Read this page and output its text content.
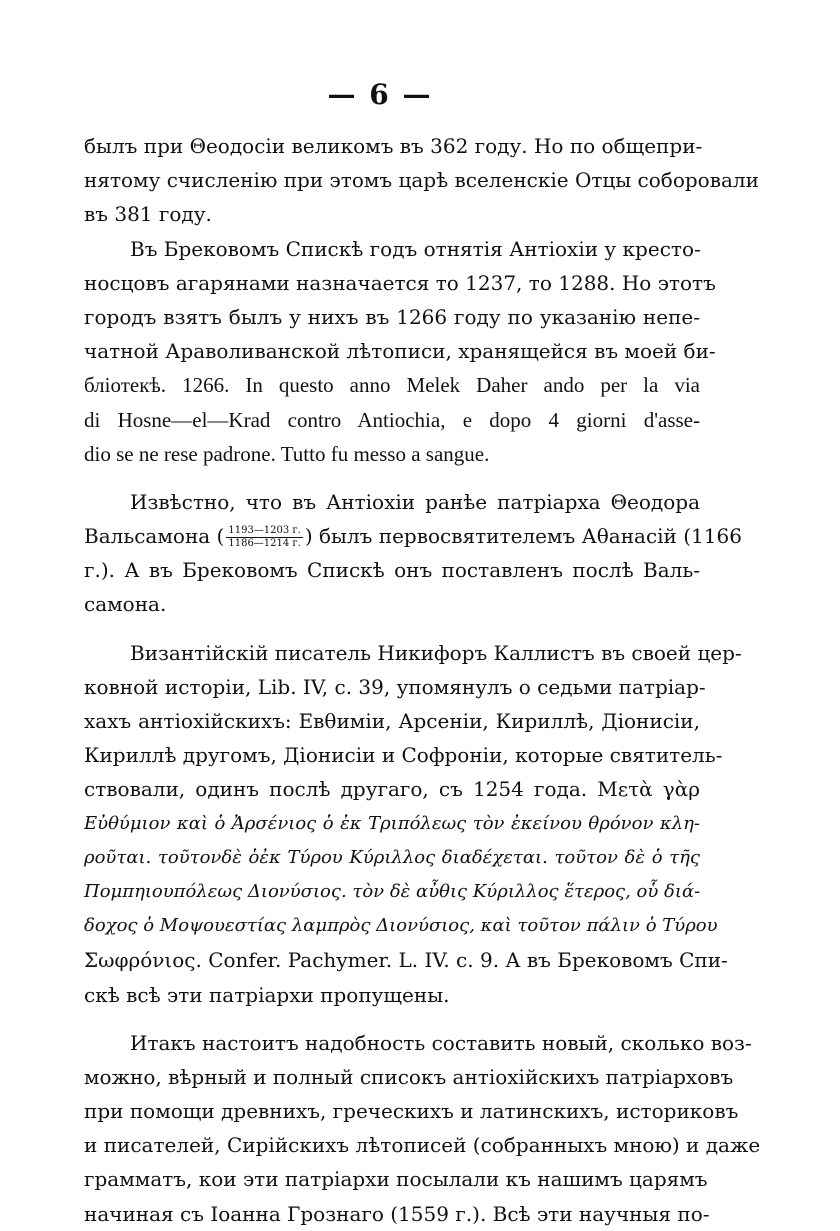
— 6 —
былъ при Θеодосіи великомъ въ 362 году. Но по общепри-
нятому счисленію при этомъ царѣ вселенскіе Отцы соборовали
въ 381 году.
Въ Брековомъ Спискѣ годъ отнятія Антіохіи у кресто-
носцовъ агарянами назначается то 1237, то 1288. Но этотъ
городъ взятъ былъ у нихъ въ 1266 году по указанію непе-
чатной Араволиванской лѣтописи, хранящейся въ моей би-
бліотекѣ. 1266. In questo anno Melek Daher ando per la via
di Hosne—el—Krad contro Antiochia, e dopo 4 giorni d'asse-
dio se ne rese padrone. Tutto fu messo a sangue.
Извѣстно, что въ Антіохіи ранѣе патріарха Θеодора
Вальсамона ( $\frac{1193—1203 г.}{1186—1214 г.}$ ) былъ первосвятителемъ Аθанасій (1166
г.). А въ Брековомъ Спискѣ онъ поставленъ послѣ Валь-
самона.
Византійскій писатель Никифоръ Каллистъ въ своей цер-
ковной исторіи, Lib. IV, c. 39, упомянулъ о седьми патріар-
хахъ антіохійскихъ: Евθиміи, Арсеніи, Кириллѣ, Діонисіи,
Кириллѣ другомъ, Діонисіи и Софроніи, которые святитель-
ствовали, одинъ послѣ другаго, съ 1254 года. Μετὰ γὰρ
Εὐθύμιον καὶ ὁ Ἀρσένιος ὁ ἐκ Τριπόλεως τὸν ἐκείνου θρόνον κλη-
ροῦται. τοῦτονδὲ ὁἐκ Τύρου Κύριλλος διαδέχεται. τοῦτον δὲ ὁ τῆς
Πομπηιουπόλεως Διονύσιος. τὸν δὲ αὖθις Κύριλλος ἕτερος, οὗ διά-
δοχος ὁ Μοψουεστίας λαμπρὸς Διονύσιος, καὶ τοῦτον πάλιν ὁ Τύρου
Σωφρόνιος. Confer. Pachymer. L. IV. c. 9. А въ Брековомъ Спи-
скѣ всѣ эти патріархи пропущены.
Итакъ настоитъ надобность составить новый, сколько воз-
можно, вѣрный и полный списокъ антіохійскихъ патріарховъ
при помощи древнихъ, греческихъ и латинскихъ, историковъ
и писателей, Сирійскихъ лѣтописей (собранныхъ мною) и даже
грамматъ, кои эти патріархи посылали къ нашимъ царямъ
начиная съ Іоанна Грознаго (1559 г.). Всѣ эти научныя по-
